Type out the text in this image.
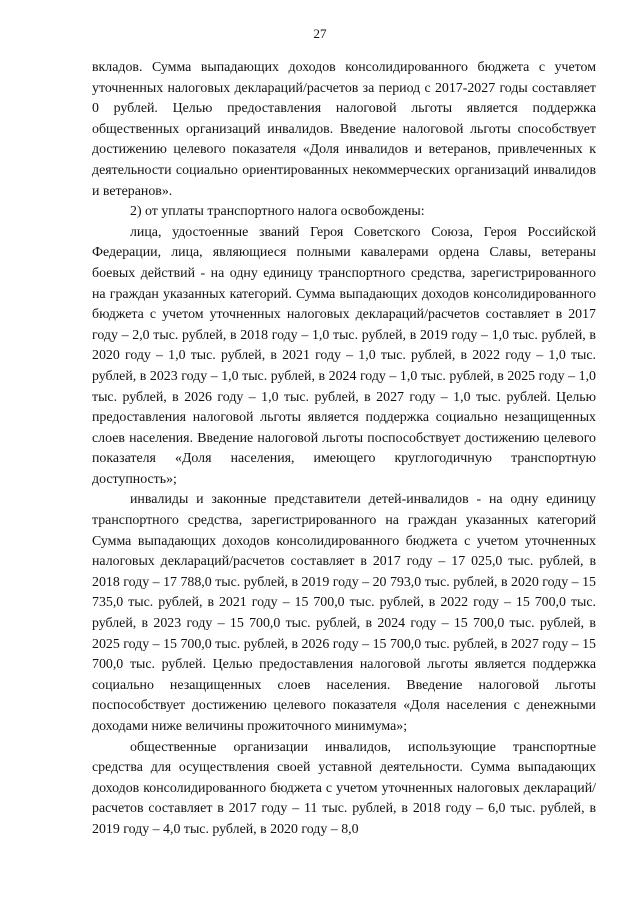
27

вкладов. Сумма выпадающих доходов консолидированного бюджета с учетом уточненных налоговых деклараций/расчетов за период с 2017-2027 годы составляет 0 рублей. Целью предоставления налоговой льготы является поддержка общественных организаций инвалидов. Введение налоговой льготы способствует достижению целевого показателя «Доля инвалидов и ветеранов, привлеченных к деятельности социально ориентированных некоммерческих организаций инвалидов и ветеранов».

2) от уплаты транспортного налога освобождены:

лица, удостоенные званий Героя Советского Союза, Героя Российской Федерации, лица, являющиеся полными кавалерами ордена Славы, ветераны боевых действий - на одну единицу транспортного средства, зарегистрированного на граждан указанных категорий. Сумма выпадающих доходов консолидированного бюджета с учетом уточненных налоговых деклараций/расчетов составляет в 2017 году – 2,0 тыс. рублей, в 2018 году – 1,0 тыс. рублей, в 2019 году – 1,0 тыс. рублей, в 2020 году – 1,0 тыс. рублей, в 2021 году – 1,0 тыс. рублей, в 2022 году – 1,0 тыс. рублей, в 2023 году – 1,0 тыс. рублей, в 2024 году – 1,0 тыс. рублей, в 2025 году – 1,0 тыс. рублей, в 2026 году – 1,0 тыс. рублей, в 2027 году – 1,0 тыс. рублей. Целью предоставления налоговой льготы является поддержка социально незащищенных слоев населения. Введение налоговой льготы поспособствует достижению целевого показателя «Доля населения, имеющего круглогодичную транспортную доступность»;

инвалиды и законные представители детей-инвалидов - на одну единицу транспортного средства, зарегистрированного на граждан указанных категорий Сумма выпадающих доходов консолидированного бюджета с учетом уточненных налоговых деклараций/расчетов составляет в 2017 году – 17 025,0 тыс. рублей, в 2018 году – 17 788,0 тыс. рублей, в 2019 году – 20 793,0 тыс. рублей, в 2020 году – 15 735,0 тыс. рублей, в 2021 году – 15 700,0 тыс. рублей, в 2022 году – 15 700,0 тыс. рублей, в 2023 году – 15 700,0 тыс. рублей, в 2024 году – 15 700,0 тыс. рублей, в 2025 году – 15 700,0 тыс. рублей, в 2026 году – 15 700,0 тыс. рублей, в 2027 году – 15 700,0 тыс. рублей. Целью предоставления налоговой льготы является поддержка социально незащищенных слоев населения. Введение налоговой льготы поспособствует достижению целевого показателя «Доля населения с денежными доходами ниже величины прожиточного минимума»;

общественные организации инвалидов, использующие транспортные средства для осуществления своей уставной деятельности. Сумма выпадающих доходов консолидированного бюджета с учетом уточненных налоговых деклараций/расчетов составляет в 2017 году – 11 тыс. рублей, в 2018 году – 6,0 тыс. рублей, в 2019 году – 4,0 тыс. рублей, в 2020 году – 8,0
